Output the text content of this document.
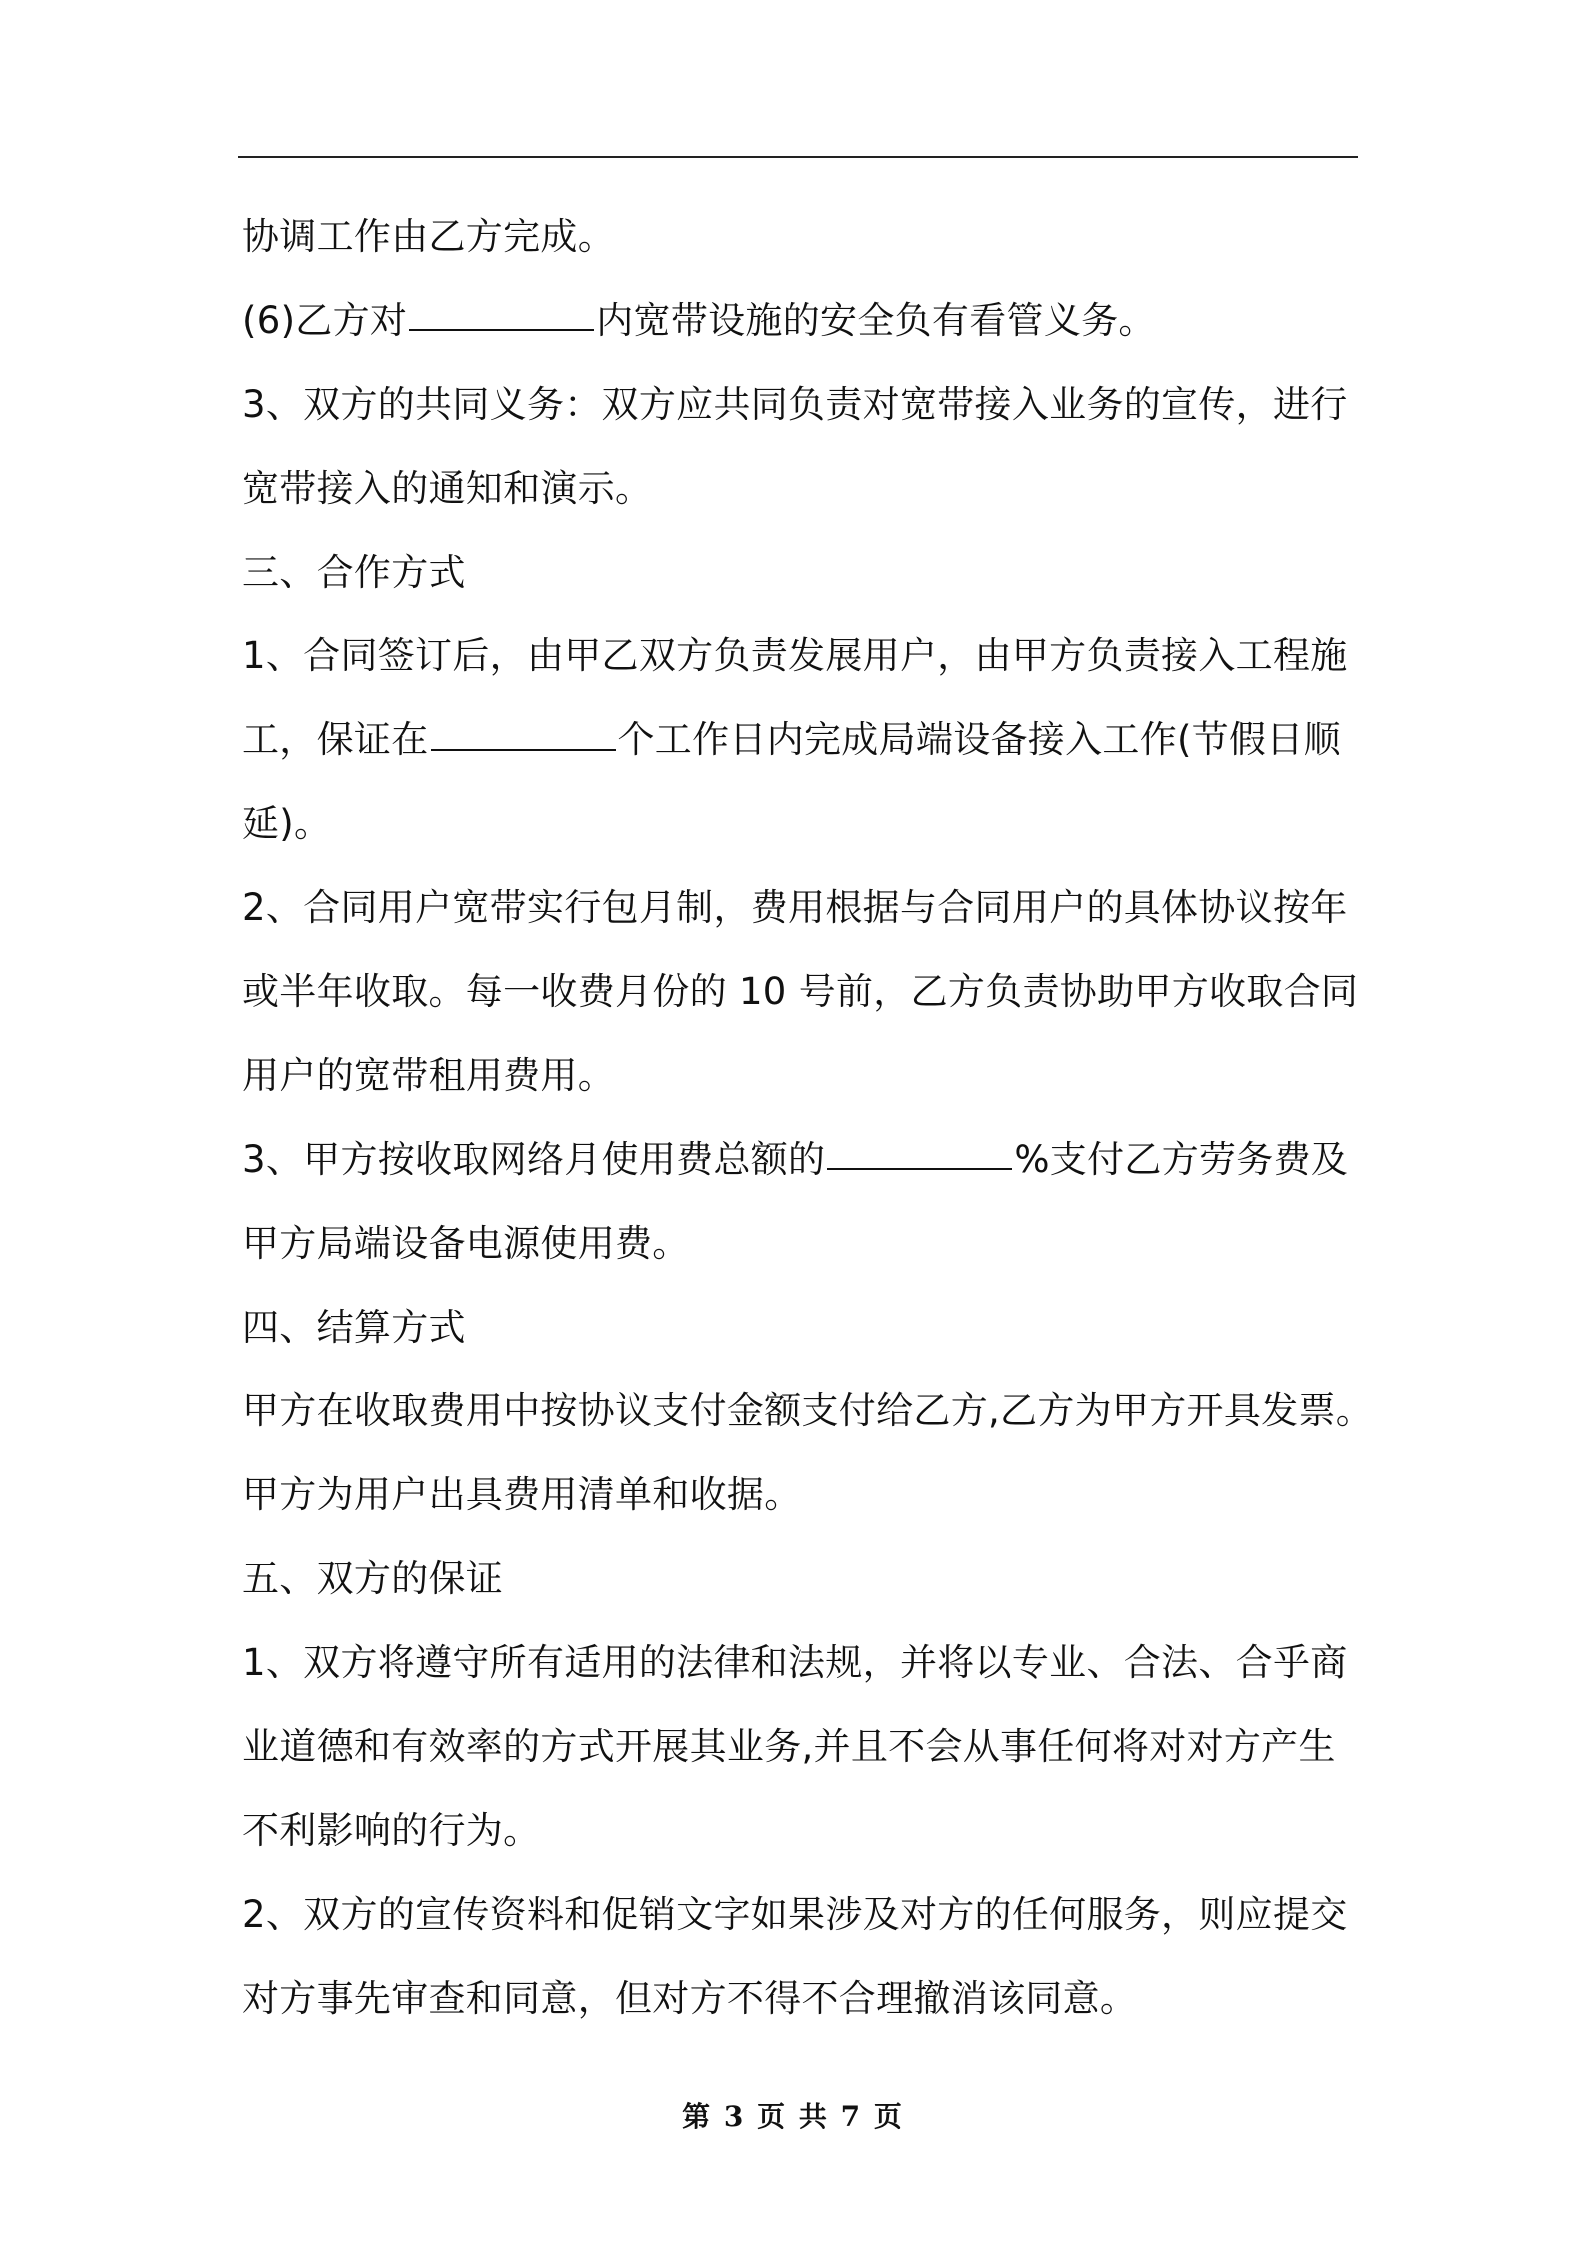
协调工作由乙方完成。
(6)乙方对	内宽带设施的安全负有看管义务。
3、双方的共同义务：双方应共同负责对宽带接入业务的宣传，进行
宽带接入的通知和演示。
三、合作方式
1、合同签订后，由甲乙双方负责发展用户，由甲方负责接入工程施
工，保证在	个工作日内完成局端设备接入工作(节假日顺
延)。
2、合同用户宽带实行包月制，费用根据与合同用户的具体协议按年
或半年收取。每一收费月份的 10 号前，乙方负责协助甲方收取合同
用户的宽带租用费用。
3、甲方按收取网络月使用费总额的	%支付乙方劳务费及
甲方局端设备电源使用费。
四、结算方式
甲方在收取费用中按协议支付金额支付给乙方,乙方为甲方开具发票。
甲方为用户出具费用清单和收据。
五、双方的保证
1、双方将遵守所有适用的法律和法规，并将以专业、合法、合乎商
业道德和有效率的方式开展其业务,并且不会从事任何将对对方产生
不利影响的行为。
2、双方的宣传资料和促销文字如果涉及对方的任何服务，则应提交
对方事先审查和同意，但对方不得不合理撤消该同意。
第 3 页 共 7 页
